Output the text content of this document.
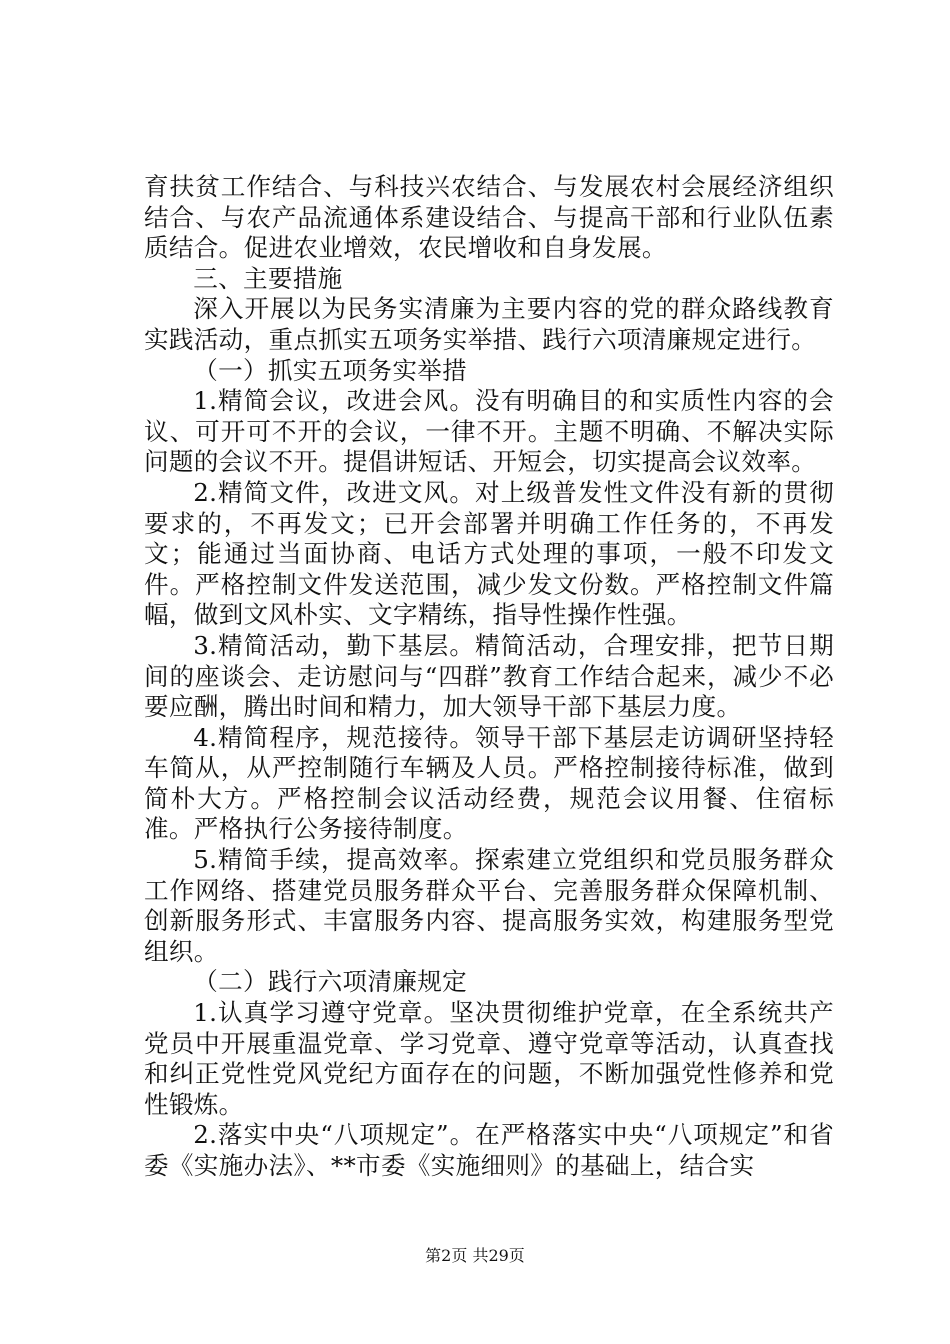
育扶贫工作结合、与科技兴农结合、与发展农村会展经济组织结合、与农产品流通体系建设结合、与提高干部和行业队伍素质结合。促进农业增效，农民增收和自身发展。

三、主要措施

深入开展以为民务实清廉为主要内容的党的群众路线教育实践活动，重点抓实五项务实举措、践行六项清廉规定进行。

（一）抓实五项务实举措

1.精简会议，改进会风。没有明确目的和实质性内容的会议、可开可不开的会议，一律不开。主题不明确、不解决实际问题的会议不开。提倡讲短话、开短会，切实提高会议效率。

2.精简文件，改进文风。对上级普发性文件没有新的贯彻要求的，不再发文；已开会部署并明确工作任务的，不再发文；能通过当面协商、电话方式处理的事项，一般不印发文件。严格控制文件发送范围，减少发文份数。严格控制文件篇幅，做到文风朴实、文字精练，指导性操作性强。

3.精简活动，勤下基层。精简活动，合理安排，把节日期间的座谈会、走访慰问与“四群”教育工作结合起来，减少不必要应酬，腾出时间和精力，加大领导干部下基层力度。

4.精简程序，规范接待。领导干部下基层走访调研坚持轻车简从，从严控制随行车辆及人员。严格控制接待标准，做到简朴大方。严格控制会议活动经费，规范会议用餐、住宿标准。严格执行公务接待制度。

5.精简手续，提高效率。探索建立党组织和党员服务群众工作网络、搭建党员服务群众平台、完善服务群众保障机制、创新服务形式、丰富服务内容、提高服务实效，构建服务型党组织。

（二）践行六项清廉规定

1.认真学习遵守党章。坚决贯彻维护党章，在全系统共产党员中开展重温党章、学习党章、遵守党章等活动，认真查找和纠正党性党风党纪方面存在的问题，不断加强党性修养和党性锻炼。

2.落实中央“八项规定”。在严格落实中央“八项规定”和省委《实施办法》、**市委《实施细则》的基础上，结合实

第2页 共29页
